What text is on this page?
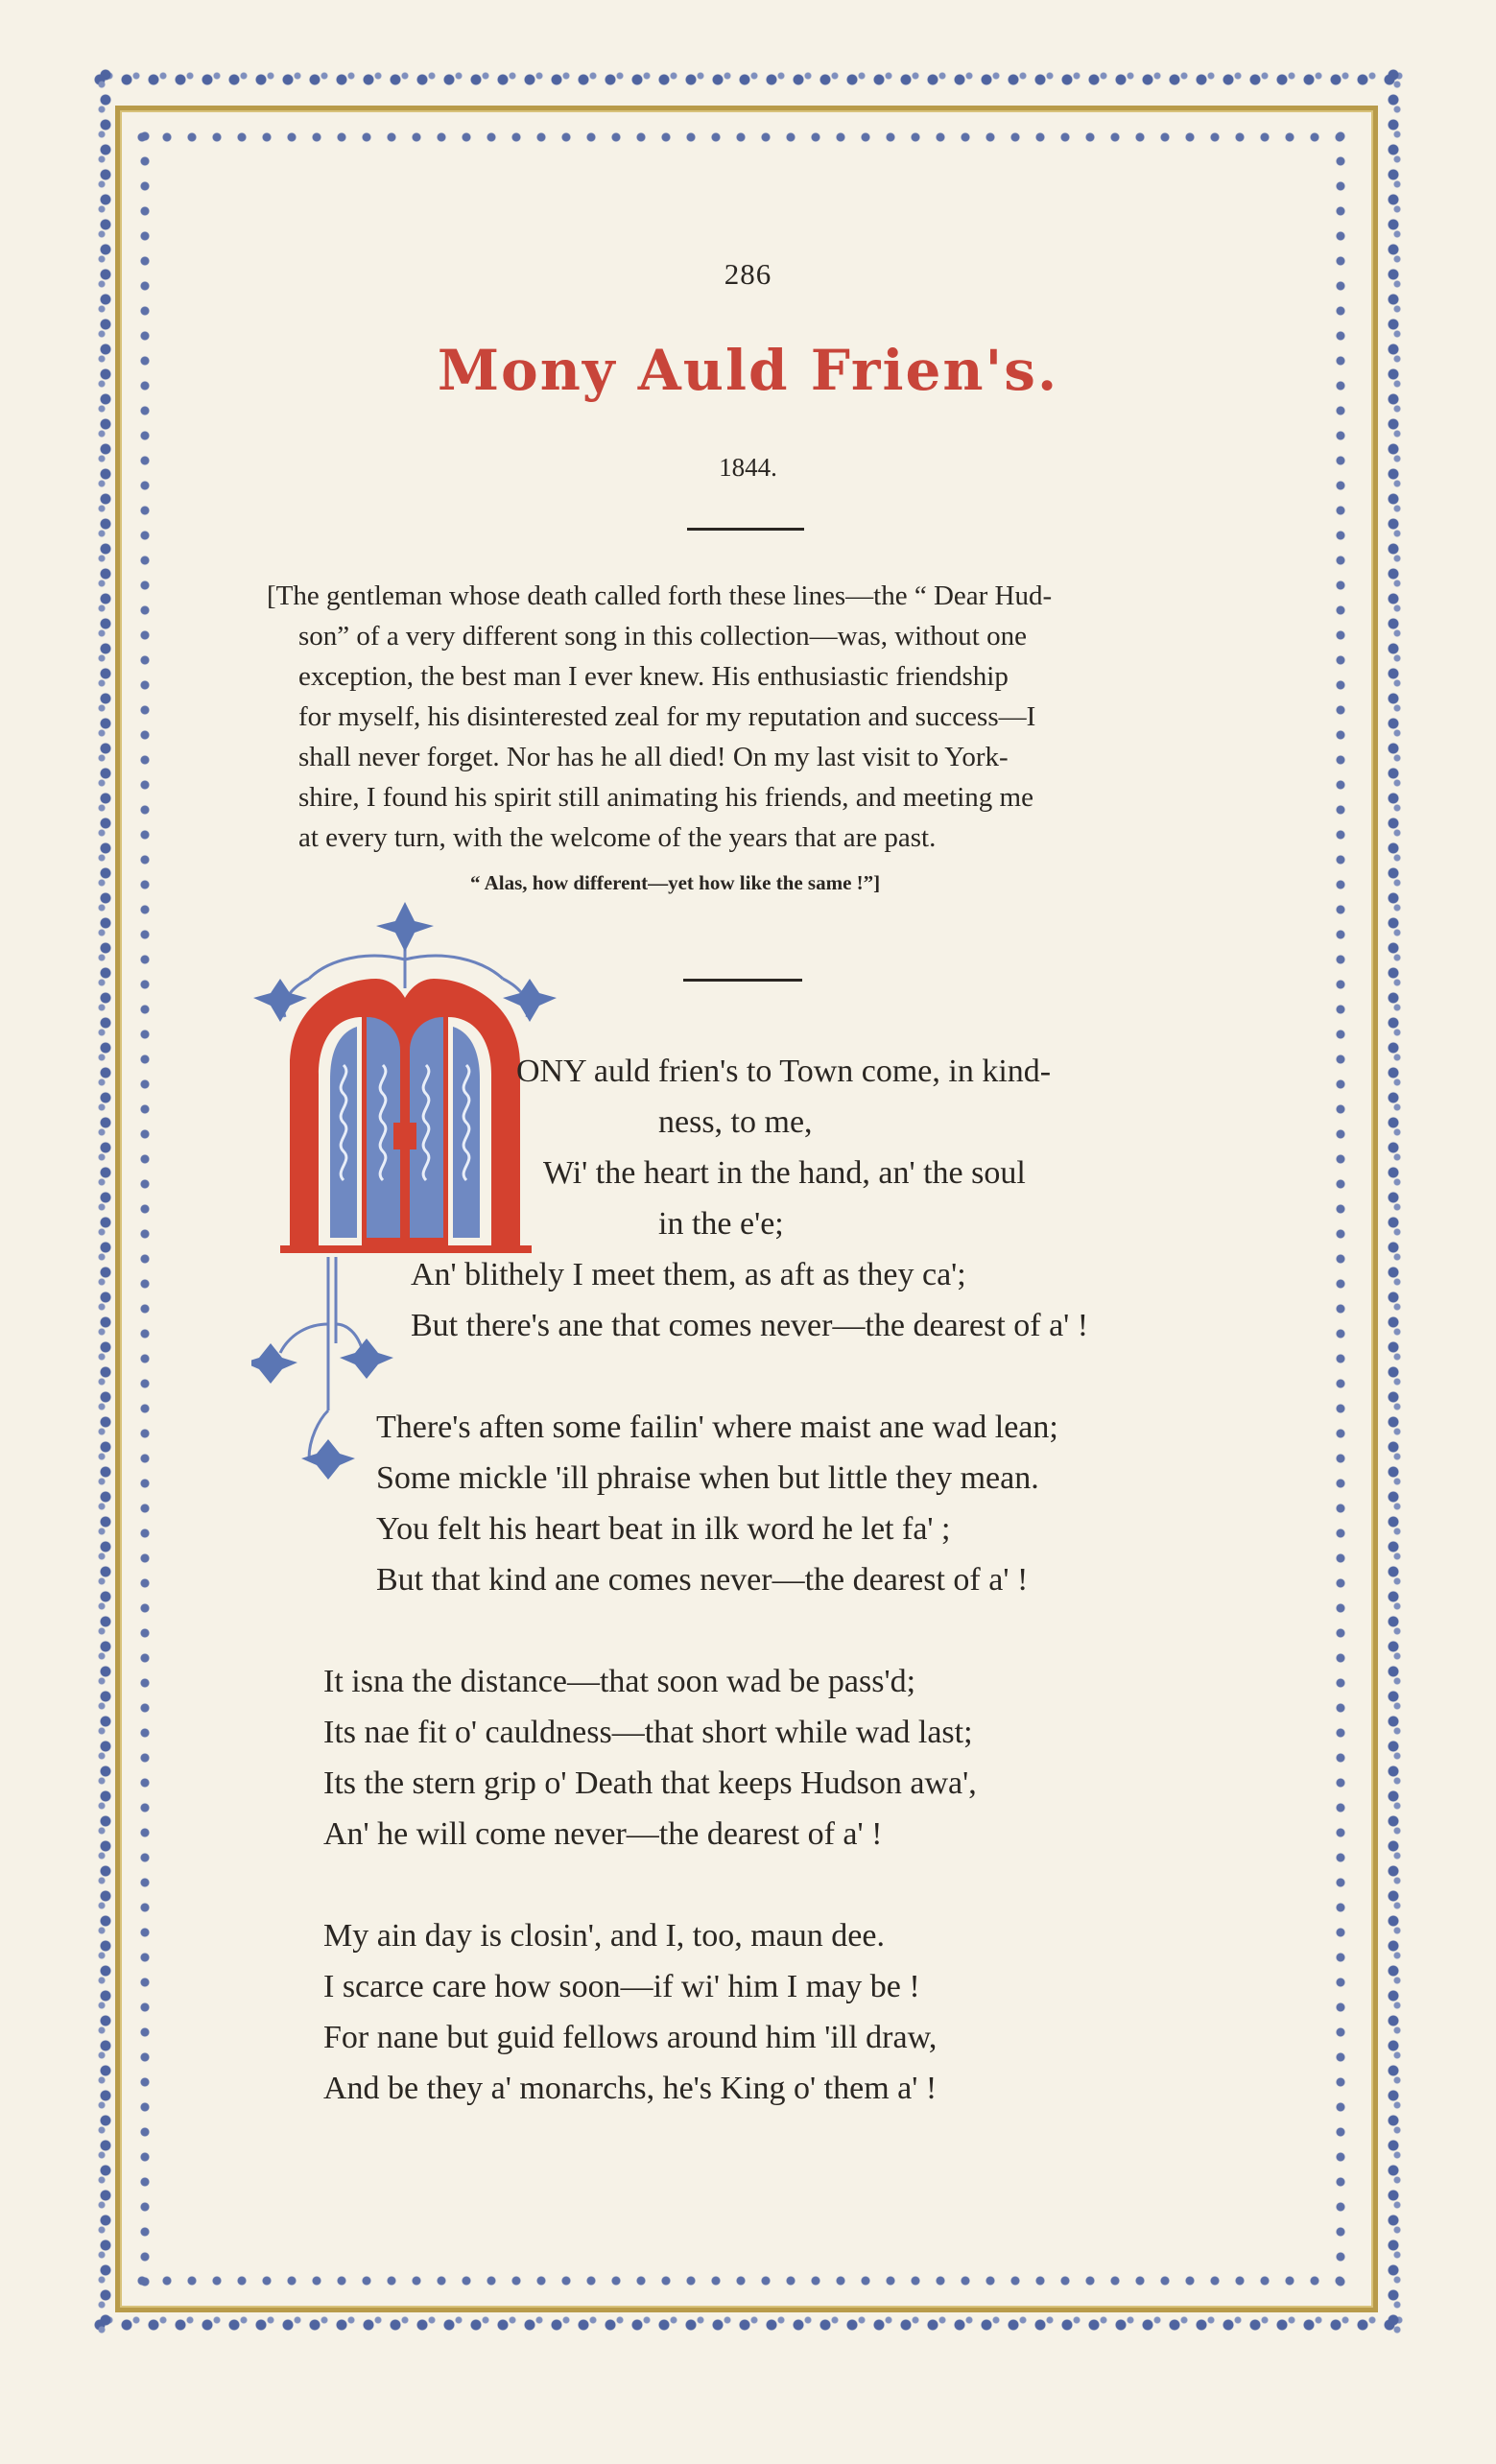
286
Mony Auld Frien's.
1844.
[The gentleman whose death called forth these lines—the “ Dear Hud-
son” of a very different song in this collection—was, without one
exception, the best man I ever knew. His enthusiastic friendship
for myself, his disinterested zeal for my reputation and success—I
shall never forget. Nor has he all died! On my last visit to York-
shire, I found his spirit still animating his friends, and meeting me
at every turn, with the welcome of the years that are past.
“ Alas, how different—yet how like the same !”]
ONY auld frien's to Town come, in kind-
ness, to me,
Wi' the heart in the hand, an' the soul
in the e'e;
An' blithely I meet them, as aft as they ca';
But there's ane that comes never—the dearest of a' !
There's aften some failin' where maist ane wad lean;
Some mickle 'ill phraise when but little they mean.
You felt his heart beat in ilk word he let fa' ;
But that kind ane comes never—the dearest of a' !
It isna the distance—that soon wad be pass'd;
Its nae fit o' cauldness—that short while wad last;
Its the stern grip o' Death that keeps Hudson awa',
An' he will come never—the dearest of a' !
My ain day is closin', and I, too, maun dee.
I scarce care how soon—if wi' him I may be !
For nane but guid fellows around him 'ill draw,
And be they a' monarchs, he's King o' them a' !
